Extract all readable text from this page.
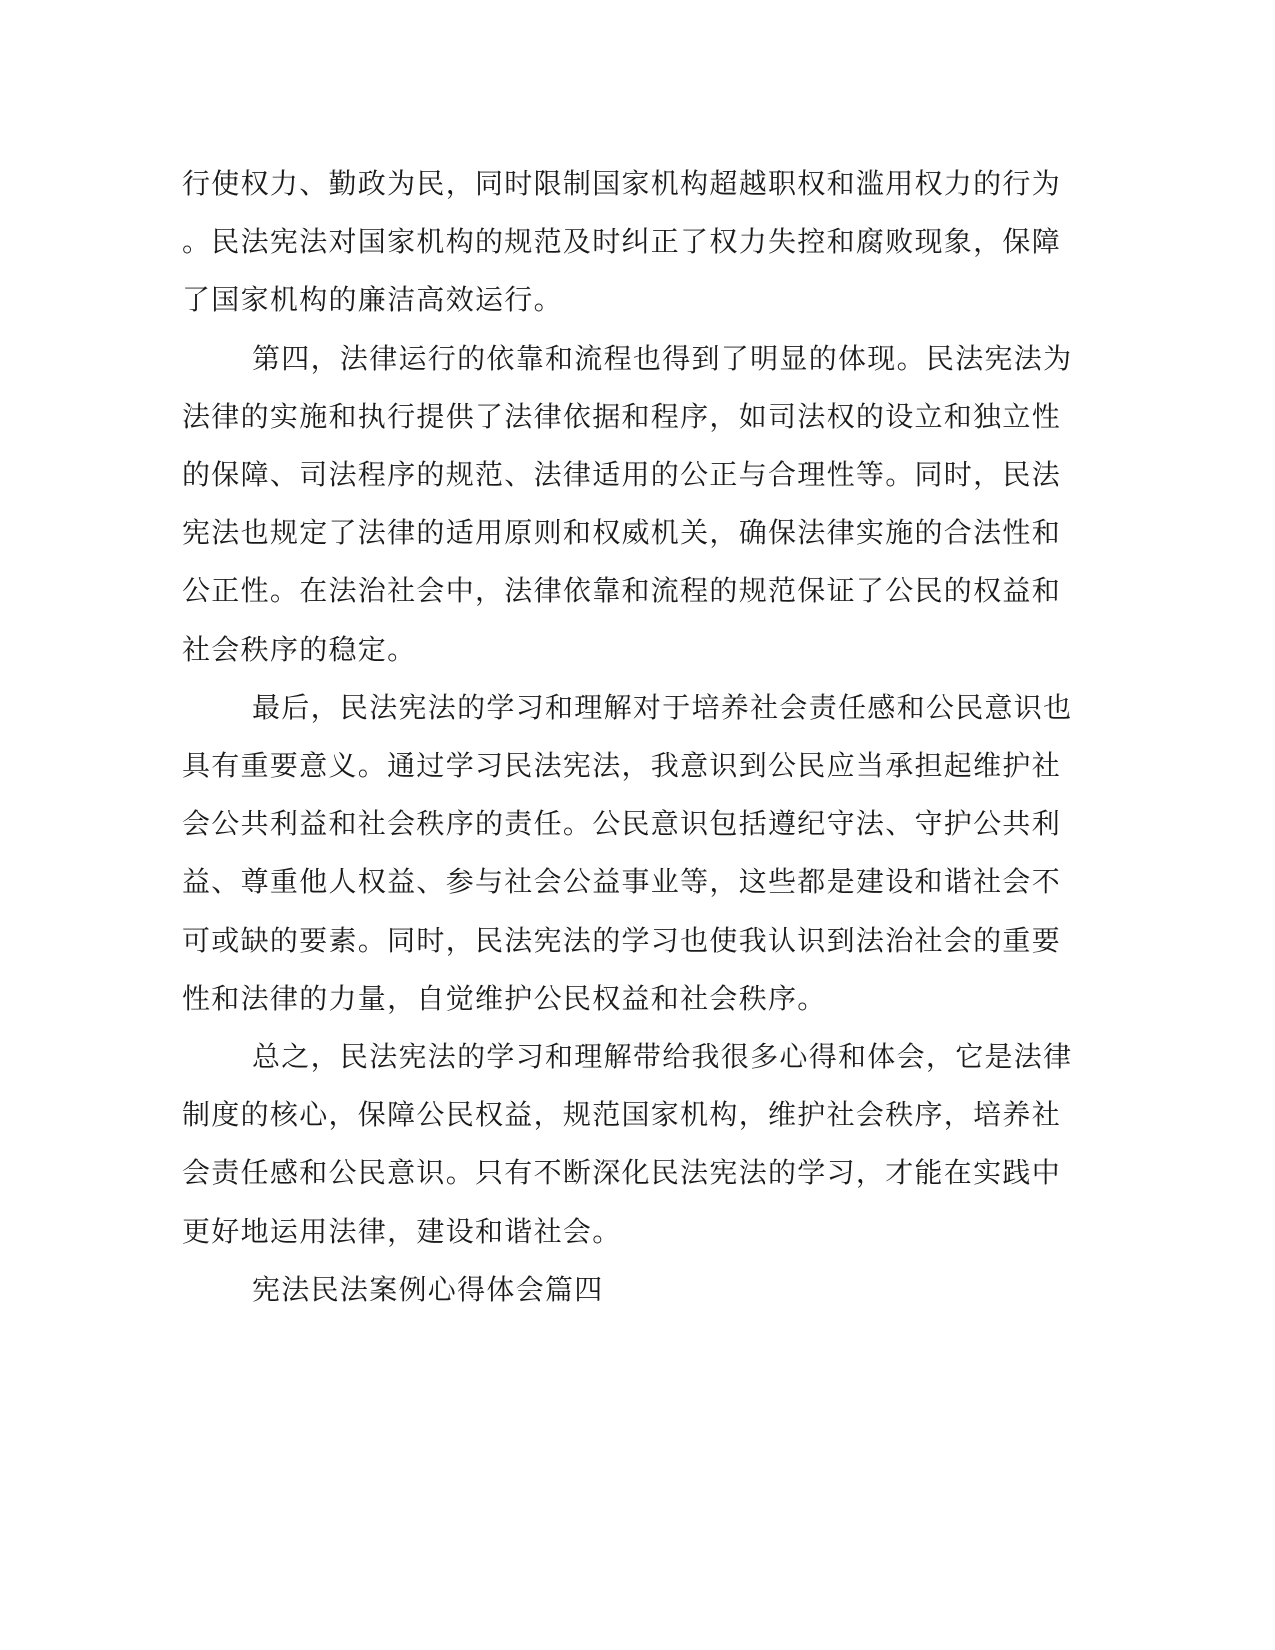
行使权力、勤政为民，同时限制国家机构超越职权和滥用权力的行为
。民法宪法对国家机构的规范及时纠正了权力失控和腐败现象，保障
了国家机构的廉洁高效运行。

第四，法律运行的依靠和流程也得到了明显的体现。民法宪法为
法律的实施和执行提供了法律依据和程序，如司法权的设立和独立性
的保障、司法程序的规范、法律适用的公正与合理性等。同时，民法
宪法也规定了法律的适用原则和权威机关，确保法律实施的合法性和
公正性。在法治社会中，法律依靠和流程的规范保证了公民的权益和
社会秩序的稳定。

最后，民法宪法的学习和理解对于培养社会责任感和公民意识也
具有重要意义。通过学习民法宪法，我意识到公民应当承担起维护社
会公共利益和社会秩序的责任。公民意识包括遵纪守法、守护公共利
益、尊重他人权益、参与社会公益事业等，这些都是建设和谐社会不
可或缺的要素。同时，民法宪法的学习也使我认识到法治社会的重要
性和法律的力量，自觉维护公民权益和社会秩序。

总之，民法宪法的学习和理解带给我很多心得和体会，它是法律
制度的核心，保障公民权益，规范国家机构，维护社会秩序，培养社
会责任感和公民意识。只有不断深化民法宪法的学习，才能在实践中
更好地运用法律，建设和谐社会。

宪法民法案例心得体会篇四
